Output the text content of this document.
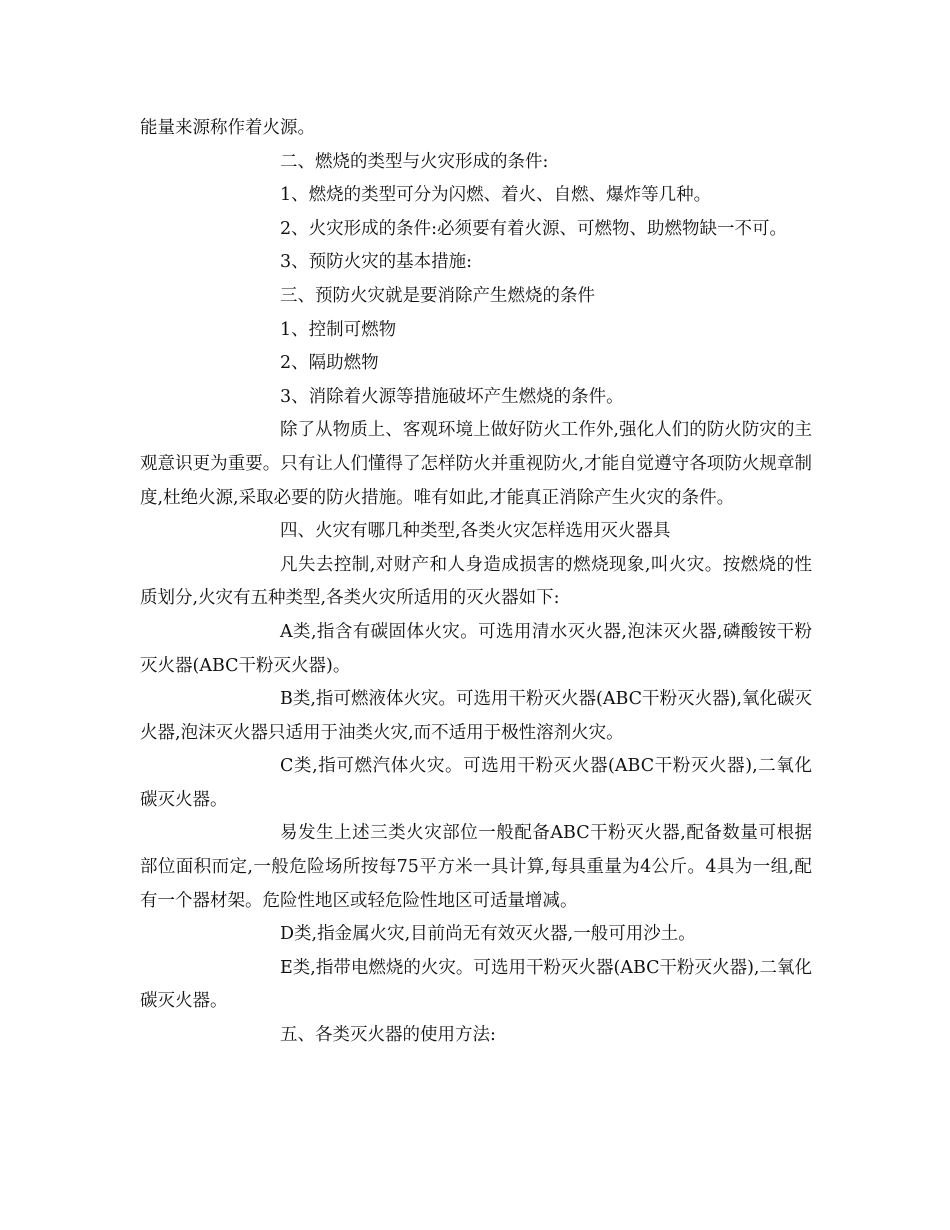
能量来源称作着火源。

二、燃烧的类型与火灾形成的条件:

1、燃烧的类型可分为闪燃、着火、自燃、爆炸等几种。

2、火灾形成的条件:必须要有着火源、可燃物、助燃物缺一不可。

3、预防火灾的基本措施:

三、预防火灾就是要消除产生燃烧的条件

1、控制可燃物

2、隔助燃物

3、消除着火源等措施破坏产生燃烧的条件。

除了从物质上、客观环境上做好防火工作外,强化人们的防火防灾的主观意识更为重要。只有让人们懂得了怎样防火并重视防火,才能自觉遵守各项防火规章制度,杜绝火源,采取必要的防火措施。唯有如此,才能真正消除产生火灾的条件。

四、火灾有哪几种类型,各类火灾怎样选用灭火器具

凡失去控制,对财产和人身造成损害的燃烧现象,叫火灾。按燃烧的性质划分,火灾有五种类型,各类火灾所适用的灭火器如下:

A类,指含有碳固体火灾。可选用清水灭火器,泡沫灭火器,磷酸铵干粉灭火器(ABC干粉灭火器)。

B类,指可燃液体火灾。可选用干粉灭火器(ABC干粉灭火器),氧化碳灭火器,泡沫灭火器只适用于油类火灾,而不适用于极性溶剂火灾。

C类,指可燃汽体火灾。可选用干粉灭火器(ABC干粉灭火器),二氧化碳灭火器。

易发生上述三类火灾部位一般配备ABC干粉灭火器,配备数量可根据部位面积而定,一般危险场所按每75平方米一具计算,每具重量为4公斤。4具为一组,配有一个器材架。危险性地区或轻危险性地区可适量增减。

D类,指金属火灾,目前尚无有效灭火器,一般可用沙土。

E类,指带电燃烧的火灾。可选用干粉灭火器(ABC干粉灭火器),二氧化碳灭火器。

五、各类灭火器的使用方法:
